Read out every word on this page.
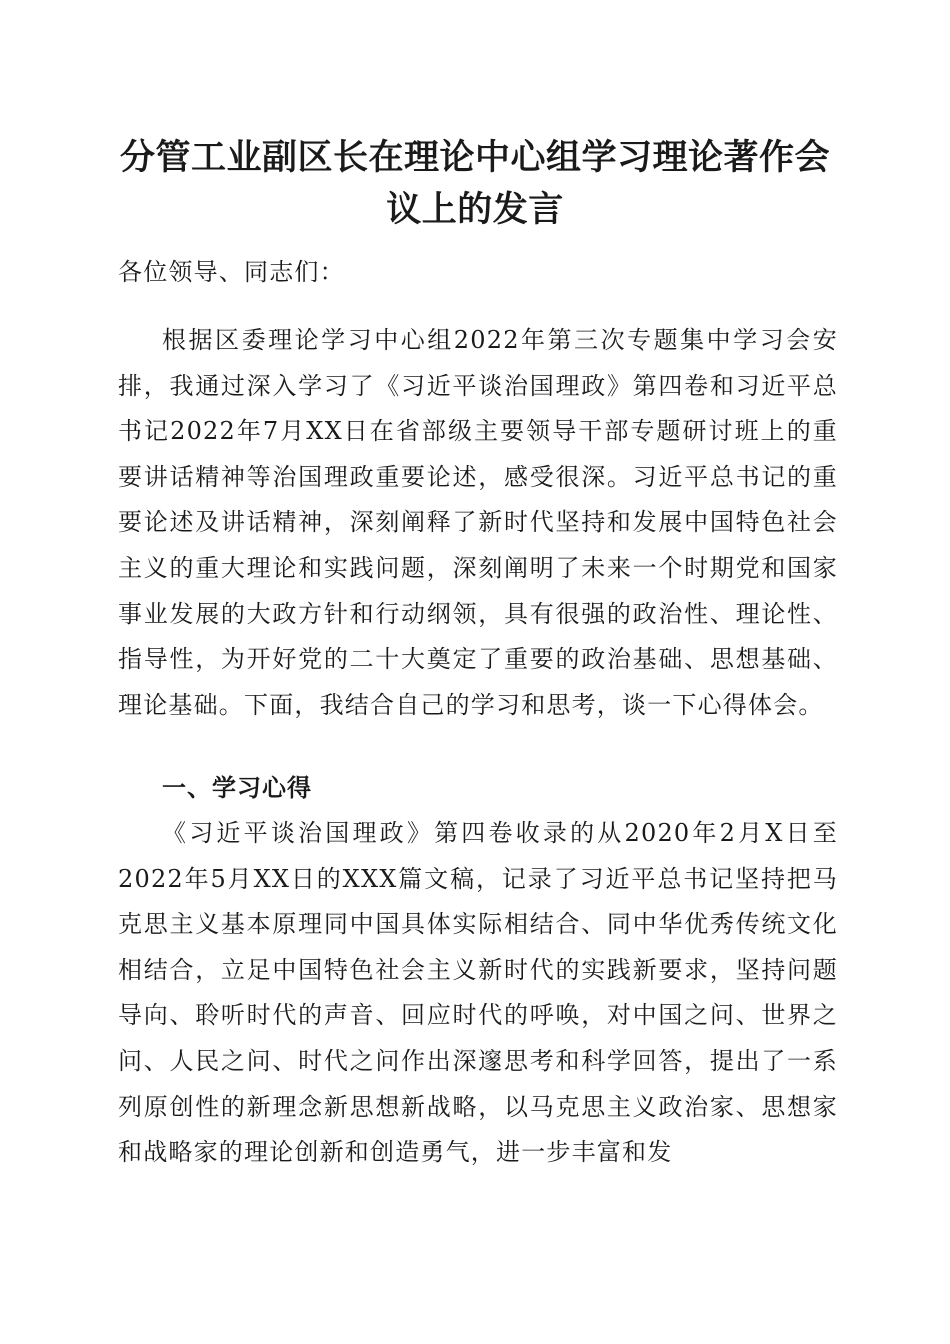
分管工业副区长在理论中心组学习理论著作会
议上的发言
各位领导、同志们：
根据区委理论学习中心组2022年第三次专题集中学习会安排，我通过深入学习了《习近平谈治国理政》第四卷和习近平总书记2022年7月XX日在省部级主要领导干部专题研讨班上的重要讲话精神等治国理政重要论述，感受很深。习近平总书记的重要论述及讲话精神，深刻阐释了新时代坚持和发展中国特色社会主义的重大理论和实践问题，深刻阐明了未来一个时期党和国家事业发展的大政方针和行动纲领，具有很强的政治性、理论性、指导性，为开好党的二十大奠定了重要的政治基础、思想基础、理论基础。下面，我结合自己的学习和思考，谈一下心得体会。
一、学习心得
《习近平谈治国理政》第四卷收录的从2020年2月X日至2022年5月XX日的XXX篇文稿，记录了习近平总书记坚持把马克思主义基本原理同中国具体实际相结合、同中华优秀传统文化相结合，立足中国特色社会主义新时代的实践新要求，坚持问题导向、聆听时代的声音、回应时代的呼唤，对中国之问、世界之问、人民之问、时代之问作出深邃思考和科学回答，提出了一系列原创性的新理念新思想新战略，以马克思主义政治家、思想家和战略家的理论创新和创造勇气，进一步丰富和发
